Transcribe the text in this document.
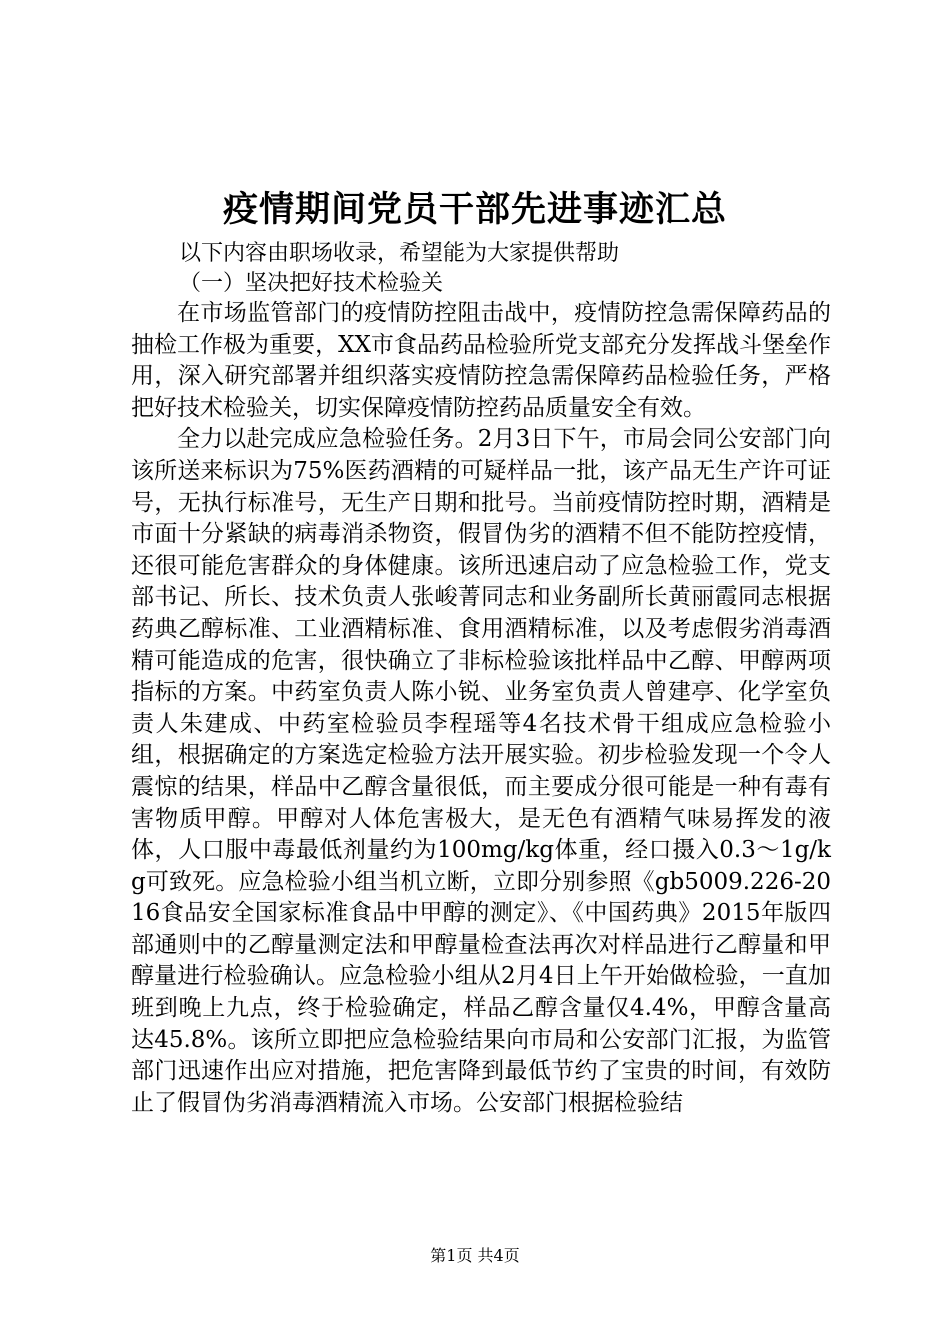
疫情期间党员干部先进事迹汇总

以下内容由职场收录，希望能为大家提供帮助

（一）坚决把好技术检验关

在市场监管部门的疫情防控阻击战中，疫情防控急需保障药品的抽检工作极为重要，XX市食品药品检验所党支部充分发挥战斗堡垒作用，深入研究部署并组织落实疫情防控急需保障药品检验任务，严格把好技术检验关，切实保障疫情防控药品质量安全有效。

全力以赴完成应急检验任务。2月3日下午，市局会同公安部门向该所送来标识为75%医药酒精的可疑样品一批，该产品无生产许可证号，无执行标准号，无生产日期和批号。当前疫情防控时期，酒精是市面十分紧缺的病毒消杀物资，假冒伪劣的酒精不但不能防控疫情，还很可能危害群众的身体健康。该所迅速启动了应急检验工作，党支部书记、所长、技术负责人张峻菁同志和业务副所长黄丽霞同志根据药典乙醇标准、工业酒精标准、食用酒精标准，以及考虑假劣消毒酒精可能造成的危害，很快确立了非标检验该批样品中乙醇、甲醇两项指标的方案。中药室负责人陈小锐、业务室负责人曾建亭、化学室负责人朱建成、中药室检验员李程瑶等4名技术骨干组成应急检验小组，根据确定的方案选定检验方法开展实验。初步检验发现一个令人震惊的结果，样品中乙醇含量很低，而主要成分很可能是一种有毒有害物质甲醇。甲醇对人体危害极大，是无色有酒精气味易挥发的液体，人口服中毒最低剂量约为100mg/kg体重，经口摄入0.3～1g/kg可致死。应急检验小组当机立断，立即分别参照《gb5009.226-2016食品安全国家标准食品中甲醇的测定》、《中国药典》2015年版四部通则中的乙醇量测定法和甲醇量检查法再次对样品进行乙醇量和甲醇量进行检验确认。应急检验小组从2月4日上午开始做检验，一直加班到晚上九点，终于检验确定，样品乙醇含量仅4.4%，甲醇含量高达45.8%。该所立即把应急检验结果向市局和公安部门汇报，为监管部门迅速作出应对措施，把危害降到最低节约了宝贵的时间，有效防止了假冒伪劣消毒酒精流入市场。公安部门根据检验结

第1页 共4页
